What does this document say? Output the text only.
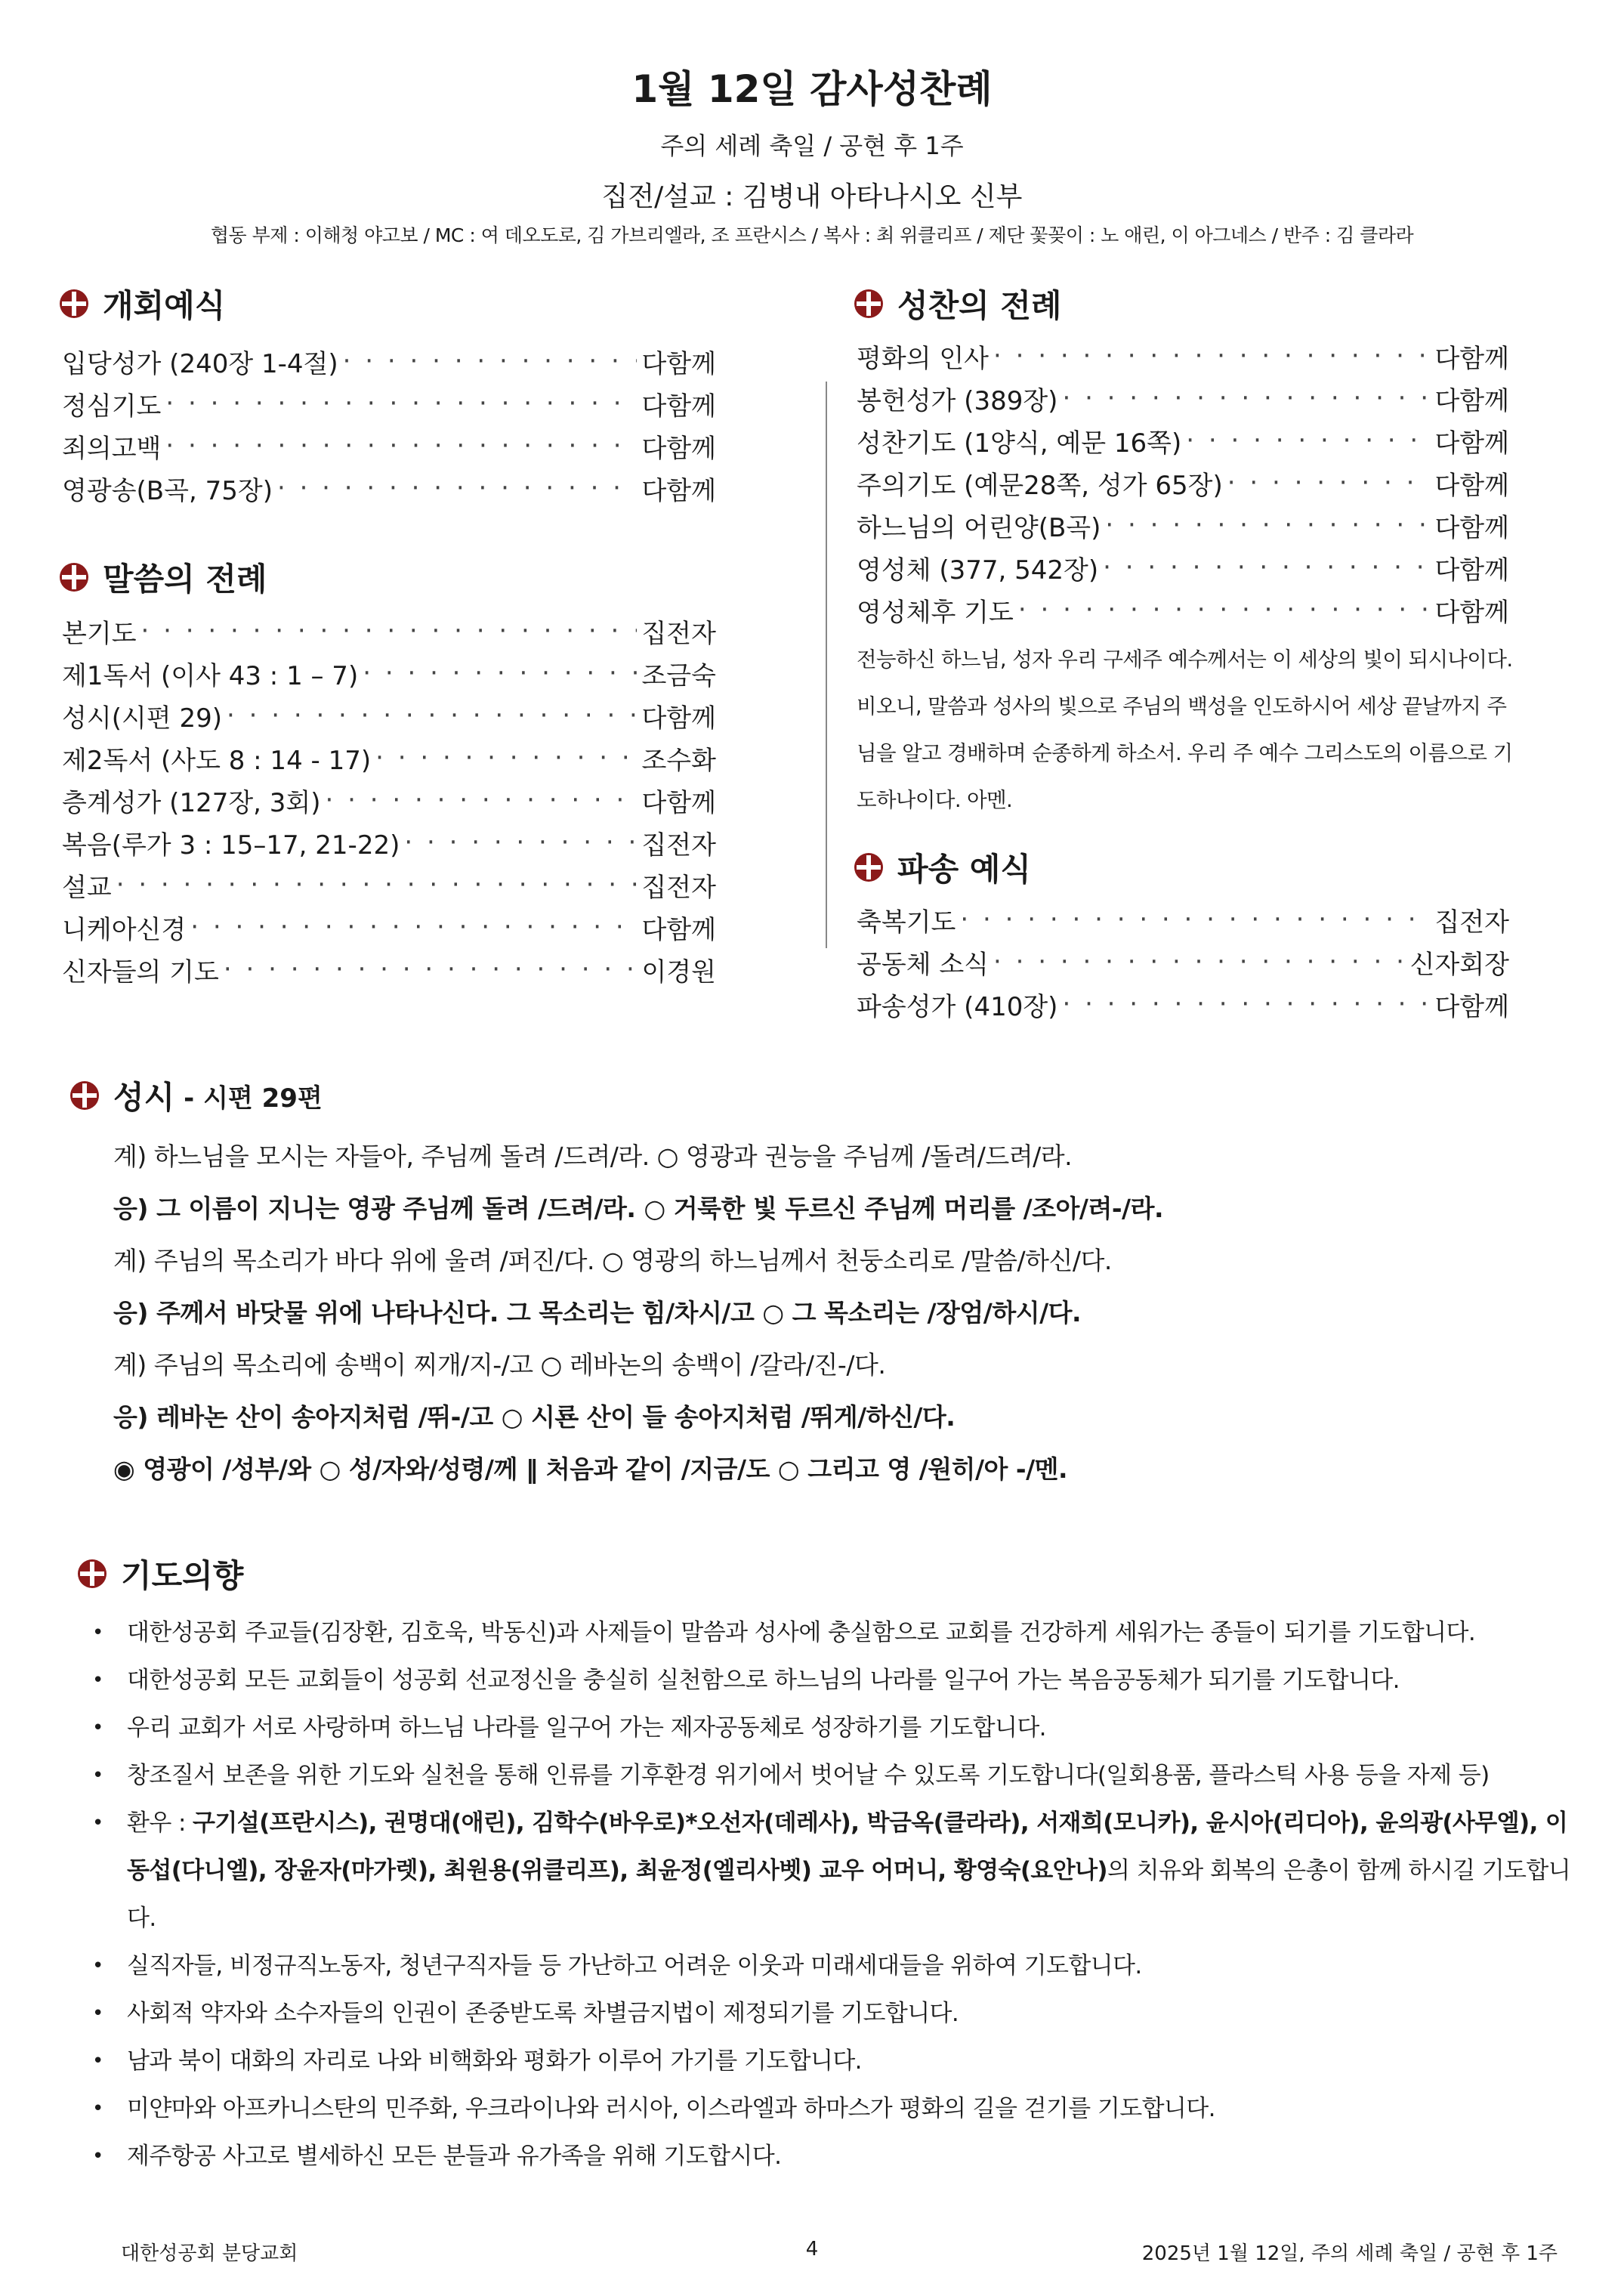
1월 12일 감사성찬례
주의 세례 축일 / 공현 후 1주
집전/설교 : 김병내 아타나시오 신부
협동 부제 : 이해청 야고보 / MC : 여 데오도로, 김 가브리엘라, 조 프란시스 / 복사 : 최 위클리프 / 제단 꽃꽂이 : 노 애린, 이 아그네스 / 반주 : 김 클라라
개회예식
입당성가 (240장 1-4절) · · ·	다함께
정심기도 · · ·	다함께
죄의고백 · · ·	다함께
영광송(B곡, 75장) · · ·	다함께
말씀의 전례
본기도 · · ·	집전자
제1독서 (이사 43 : 1 – 7) · · ·	조금숙
성시(시편 29) · · ·	다함께
제2독서 (사도 8 : 14 - 17) · · ·	조수화
층계성가 (127장, 3회) · · ·	다함께
복음(루가 3 : 15–17, 21-22) · · ·	집전자
설교 · · ·	집전자
니케아신경 · · ·	다함께
신자들의 기도 · · ·	이경원
성찬의 전례
평화의 인사 · · ·	다함께
봉헌성가 (389장) · · ·	다함께
성찬기도 (1양식, 예문 16쪽) · · ·	다함께
주의기도 (예문28쪽, 성가 65장) · · ·	다함께
하느님의 어린양(B곡) · · ·	다함께
영성체 (377, 542장) · · ·	다함께
영성체후 기도 · · ·	다함께
전능하신 하느님, 성자 우리 구세주 예수께서는 이 세상의 빛이 되시나이다. 비오니, 말씀과 성사의 빛으로 주님의 백성을 인도하시어 세상 끝날까지 주님을 알고 경배하며 순종하게 하소서. 우리 주 예수 그리스도의 이름으로 기도하나이다. 아멘.
파송 예식
축복기도 · · ·	집전자
공동체 소식 · · ·	신자회장
파송성가 (410장) · · ·	다함께
성시 - 시편 29편
계) 하느님을 모시는 자들아, 주님께 돌려 /드려/라. ○ 영광과 권능을 주님께 /돌려/드려/라.
응) 그 이름이 지니는 영광 주님께 돌려 /드려/라. ○ 거룩한 빛 두르신 주님께 머리를 /조아/려-/라.
계) 주님의 목소리가 바다 위에 울려 /퍼진/다. ○ 영광의 하느님께서 천둥소리로 /말씀/하신/다.
응) 주께서 바닷물 위에 나타나신다. 그 목소리는 힘/차시/고 ○ 그 목소리는 /장엄/하시/다.
계) 주님의 목소리에 송백이 찌개/지-/고 ○ 레바논의 송백이 /갈라/진-/다.
응) 레바논 산이 송아지처럼 /뛰-/고 ○ 시룐 산이 들 송아지처럼 /뛰게/하신/다.
◉ 영광이 /성부/와 ○ 성/자와/성령/께 ‖ 처음과 같이 /지금/도 ○ 그리고 영 /원히/아 -/멘.
기도의향
• 대한성공회 주교들(김장환, 김호욱, 박동신)과 사제들이 말씀과 성사에 충실함으로 교회를 건강하게 세워가는 종들이 되기를 기도합니다.
• 대한성공회 모든 교회들이 성공회 선교정신을 충실히 실천함으로 하느님의 나라를 일구어 가는 복음공동체가 되기를 기도합니다.
• 우리 교회가 서로 사랑하며 하느님 나라를 일구어 가는 제자공동체로 성장하기를 기도합니다.
• 창조질서 보존을 위한 기도와 실천을 통해 인류를 기후환경 위기에서 벗어날 수 있도록 기도합니다(일회용품, 플라스틱 사용 등을 자제 등)
• 환우 : 구기설(프란시스), 권명대(애린), 김학수(바우로)*오선자(데레사), 박금옥(클라라), 서재희(모니카), 윤시아(리디아), 윤의광(사무엘), 이동섭(다니엘), 장윤자(마가렛), 최원용(위클리프), 최윤정(엘리사벳) 교우 어머니, 황영숙(요안나)의 치유와 회복의 은총이 함께 하시길 기도합니다.
• 실직자들, 비정규직노동자, 청년구직자들 등 가난하고 어려운 이웃과 미래세대들을 위하여 기도합니다.
• 사회적 약자와 소수자들의 인권이 존중받도록 차별금지법이 제정되기를 기도합니다.
• 남과 북이 대화의 자리로 나와 비핵화와 평화가 이루어 가기를 기도합니다.
• 미얀마와 아프카니스탄의 민주화, 우크라이나와 러시아, 이스라엘과 하마스가 평화의 길을 걷기를 기도합니다.
• 제주항공 사고로 별세하신 모든 분들과 유가족을 위해 기도합시다.
대한성공회 분당교회	4	2025년 1월 12일, 주의 세례 축일 / 공현 후 1주
